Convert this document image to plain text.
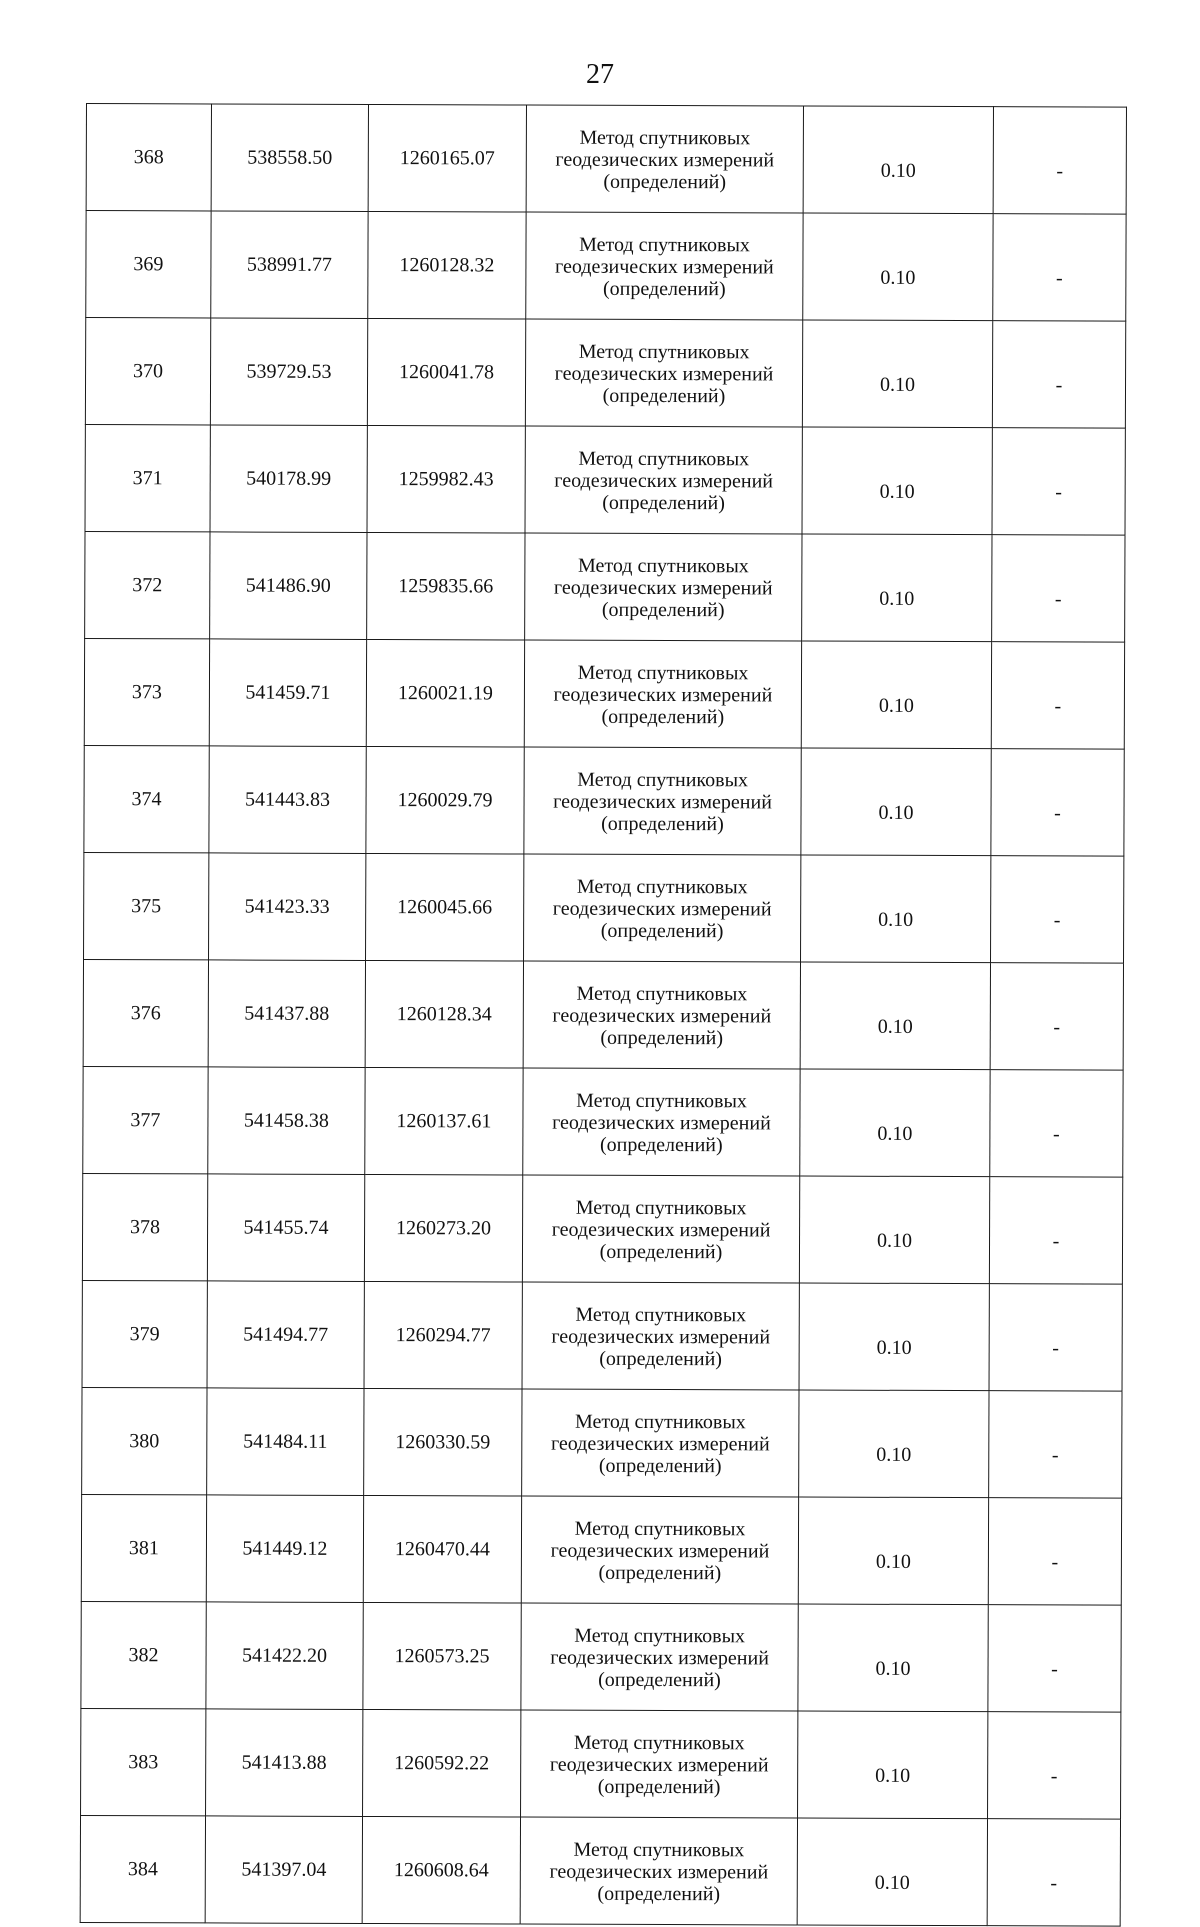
27
368	538558.50	1260165.07	Метод спутниковых
геодезических измерений
(определений)	0.10	-
369	538991.77	1260128.32	Метод спутниковых
геодезических измерений
(определений)	0.10	-
370	539729.53	1260041.78	Метод спутниковых
геодезических измерений
(определений)	0.10	-
371	540178.99	1259982.43	Метод спутниковых
геодезических измерений
(определений)	0.10	-
372	541486.90	1259835.66	Метод спутниковых
геодезических измерений
(определений)	0.10	-
373	541459.71	1260021.19	Метод спутниковых
геодезических измерений
(определений)	0.10	-
374	541443.83	1260029.79	Метод спутниковых
геодезических измерений
(определений)	0.10	-
375	541423.33	1260045.66	Метод спутниковых
геодезических измерений
(определений)	0.10	-
376	541437.88	1260128.34	Метод спутниковых
геодезических измерений
(определений)	0.10	-
377	541458.38	1260137.61	Метод спутниковых
геодезических измерений
(определений)	0.10	-
378	541455.74	1260273.20	Метод спутниковых
геодезических измерений
(определений)	0.10	-
379	541494.77	1260294.77	Метод спутниковых
геодезических измерений
(определений)	0.10	-
380	541484.11	1260330.59	Метод спутниковых
геодезических измерений
(определений)	0.10	-
381	541449.12	1260470.44	Метод спутниковых
геодезических измерений
(определений)	0.10	-
382	541422.20	1260573.25	Метод спутниковых
геодезических измерений
(определений)	0.10	-
383	541413.88	1260592.22	Метод спутниковых
геодезических измерений
(определений)	0.10	-
384	541397.04	1260608.64	Метод спутниковых
геодезических измерений
(определений)	0.10	-
